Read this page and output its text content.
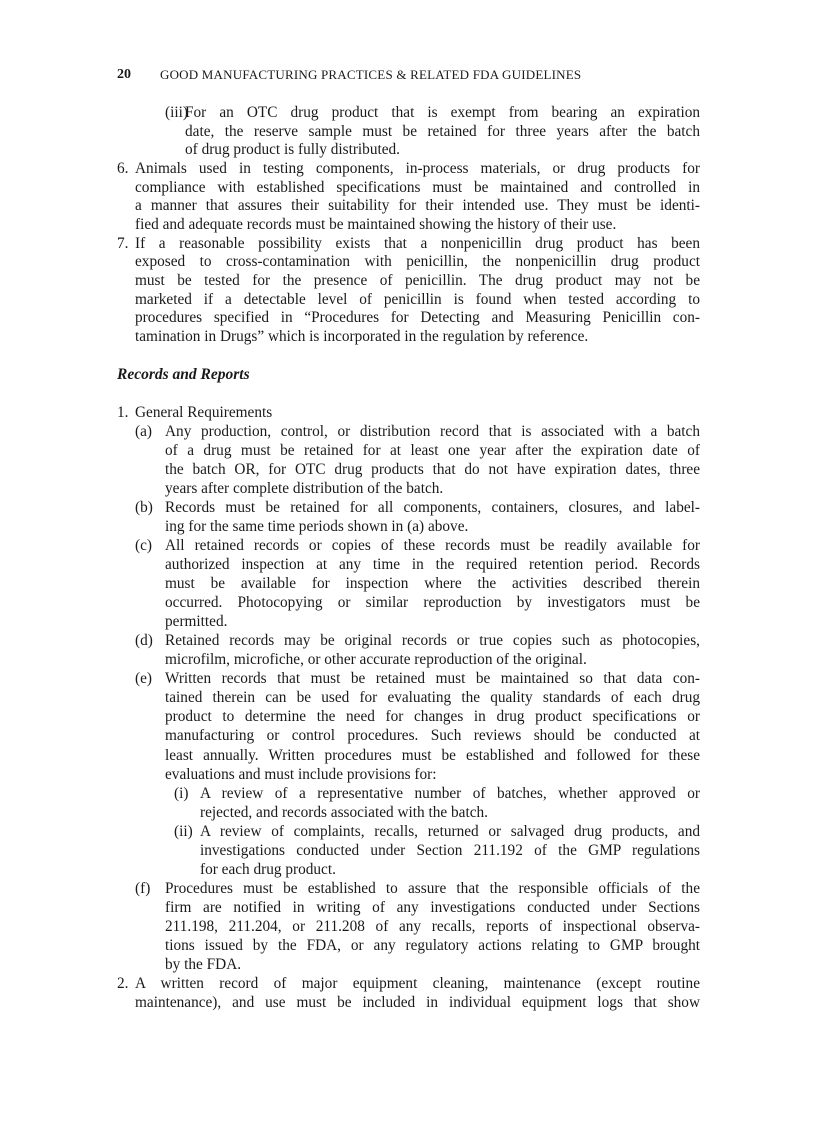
20 GOOD MANUFACTURING PRACTICES & RELATED FDA GUIDELINES
(iii)
For an OTC drug product that is exempt from bearing an expiration
date, the reserve sample must be retained for three years after the batch
of drug product is fully distributed.
6. Animals used in testing components, in-process materials, or drug products for
compliance with established specifications must be maintained and controlled in
a manner that assures their suitability for their intended use. They must be identi-
fied and adequate records must be maintained showing the history of their use.
7. If a reasonable possibility exists that a nonpenicillin drug product has been
exposed to cross-contamination with penicillin, the nonpenicillin drug product
must be tested for the presence of penicillin. The drug product may not be
marketed if a detectable level of penicillin is found when tested according to
procedures specified in “Procedures for Detecting and Measuring Penicillin con-
tamination in Drugs” which is incorporated in the regulation by reference.
Records and Reports
1. General Requirements
(a) Any production, control, or distribution record that is associated with a batch
of a drug must be retained for at least one year after the expiration date of
the batch OR, for OTC drug products that do not have expiration dates, three
years after complete distribution of the batch.
(b) Records must be retained for all components, containers, closures, and label-
ing for the same time periods shown in (a) above.
(c) All retained records or copies of these records must be readily available for
authorized inspection at any time in the required retention period. Records
must be available for inspection where the activities described therein
occurred. Photocopying or similar reproduction by investigators must be
permitted.
(d) Retained records may be original records or true copies such as photocopies,
microfilm, microfiche, or other accurate reproduction of the original.
(e) Written records that must be retained must be maintained so that data con-
tained therein can be used for evaluating the quality standards of each drug
product to determine the need for changes in drug product specifications or
manufacturing or control procedures. Such reviews should be conducted at
least annually. Written procedures must be established and followed for these
evaluations and must include provisions for:
(i) A review of a representative number of batches, whether approved or
rejected, and records associated with the batch.
(ii) A review of complaints, recalls, returned or salvaged drug products, and
investigations conducted under Section 211.192 of the GMP regulations
for each drug product.
(f) Procedures must be established to assure that the responsible officials of the
firm are notified in writing of any investigations conducted under Sections
211.198, 211.204, or 211.208 of any recalls, reports of inspectional observa-
tions issued by the FDA, or any regulatory actions relating to GMP brought
by the FDA.
2. A written record of major equipment cleaning, maintenance (except routine
maintenance), and use must be included in individual equipment logs that show
